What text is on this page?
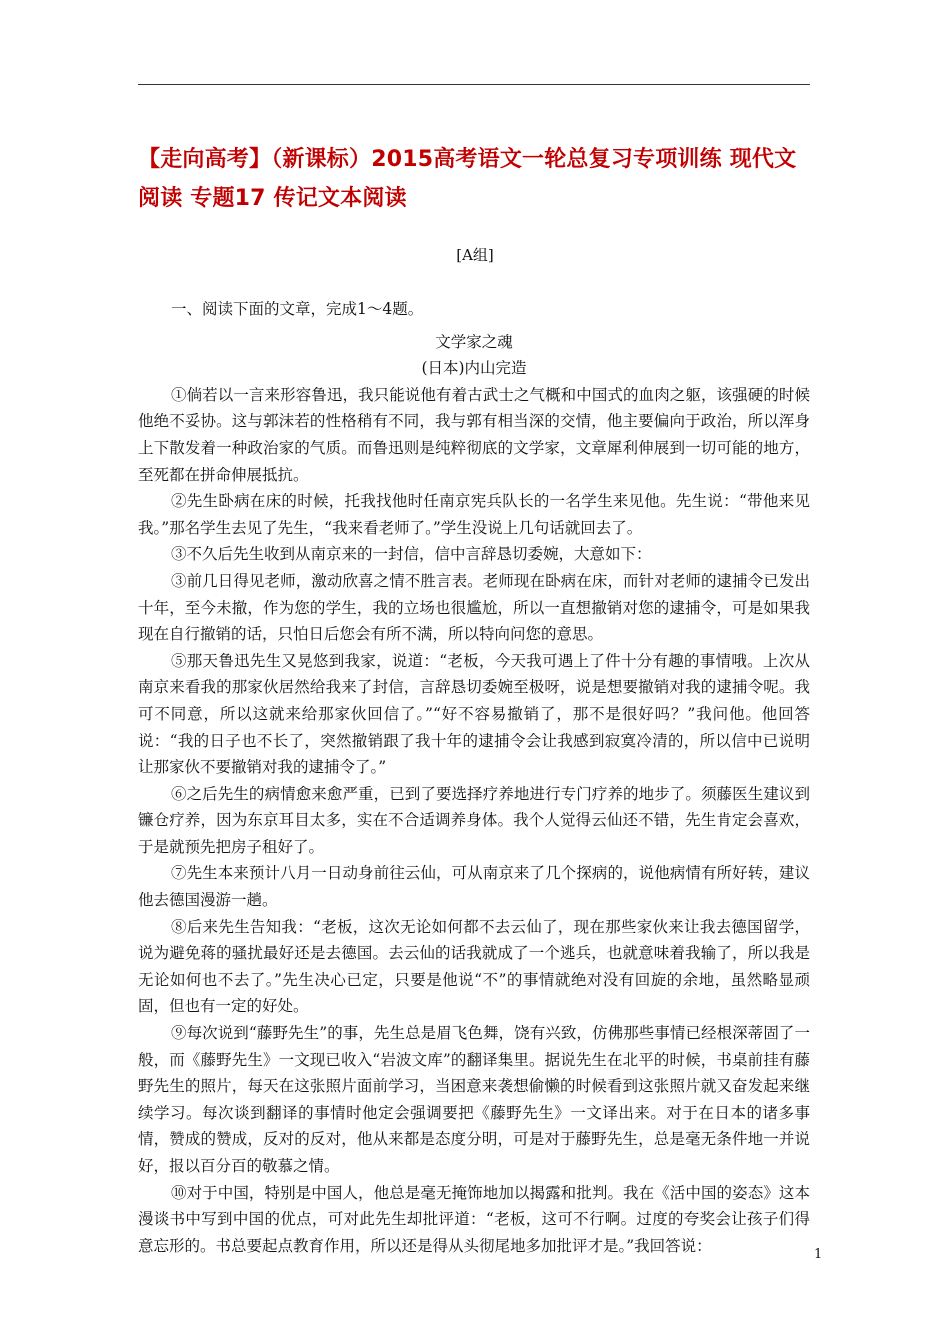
【走向高考】（新课标）2015高考语文一轮总复习专项训练 现代文阅读 专题17 传记文本阅读
[A组]

一、阅读下面的文章，完成1～4题。

文学家之魂

(日本)内山完造

①倘若以一言来形容鲁迅，我只能说他有着古武士之气概和中国式的血肉之躯，该强硬的时候他绝不妥协。这与郭沫若的性格稍有不同，我与郭有相当深的交情，他主要偏向于政治，所以浑身上下散发着一种政治家的气质。而鲁迅则是纯粹彻底的文学家，文章犀利伸展到一切可能的地方，至死都在拼命伸展抵抗。

②先生卧病在床的时候，托我找他时任南京宪兵队长的一名学生来见他。先生说：“带他来见我。”那名学生去见了先生，“我来看老师了。”学生没说上几句话就回去了。

③不久后先生收到从南京来的一封信，信中言辞恳切委婉，大意如下：

③前几日得见老师，激动欣喜之情不胜言表。老师现在卧病在床，而针对老师的逮捕令已发出十年，至今未撤，作为您的学生，我的立场也很尴尬，所以一直想撤销对您的逮捕令，可是如果我现在自行撤销的话，只怕日后您会有所不满，所以特向问您的意思。

⑤那天鲁迅先生又晃悠到我家，说道：“老板，今天我可遇上了件十分有趣的事情哦。上次从南京来看我的那家伙居然给我来了封信，言辞恳切委婉至极呀，说是想要撤销对我的逮捕令呢。我可不同意，所以这就来给那家伙回信了。”“好不容易撤销了，那不是很好吗？”我问他。他回答说：“我的日子也不长了，突然撤销跟了我十年的逮捕令会让我感到寂寞冷清的，所以信中已说明让那家伙不要撤销对我的逮捕令了。”

⑥之后先生的病情愈来愈严重，已到了要选择疗养地进行专门疗养的地步了。须藤医生建议到镰仓疗养，因为东京耳目太多，实在不合适调养身体。我个人觉得云仙还不错，先生肯定会喜欢，于是就预先把房子租好了。

⑦先生本来预计八月一日动身前往云仙，可从南京来了几个探病的，说他病情有所好转，建议他去德国漫游一趟。

⑧后来先生告知我：“老板，这次无论如何都不去云仙了，现在那些家伙来让我去德国留学，说为避免蒋的骚扰最好还是去德国。去云仙的话我就成了一个逃兵，也就意味着我输了，所以我是无论如何也不去了。”先生决心已定，只要是他说“不”的事情就绝对没有回旋的余地，虽然略显顽固，但也有一定的好处。

⑨每次说到“藤野先生”的事，先生总是眉飞色舞，饶有兴致，仿佛那些事情已经根深蒂固了一般，而《藤野先生》一文现已收入“岩波文库”的翻译集里。据说先生在北平的时候，书桌前挂有藤野先生的照片，每天在这张照片面前学习，当困意来袭想偷懒的时候看到这张照片就又奋发起来继续学习。每次谈到翻译的事情时他定会强调要把《藤野先生》一文译出来。对于在日本的诸多事情，赞成的赞成，反对的反对，他从来都是态度分明，可是对于藤野先生，总是毫无条件地一并说好，报以百分百的敬慕之情。

⑩对于中国，特别是中国人，他总是毫无掩饰地加以揭露和批判。我在《活中国的姿态》这本漫谈书中写到中国的优点，可对此先生却批评道：“老板，这可不行啊。过度的夸奖会让孩子们得意忘形的。书总要起点教育作用，所以还是得从头彻尾地多加批评才是。”我回答说：	1
